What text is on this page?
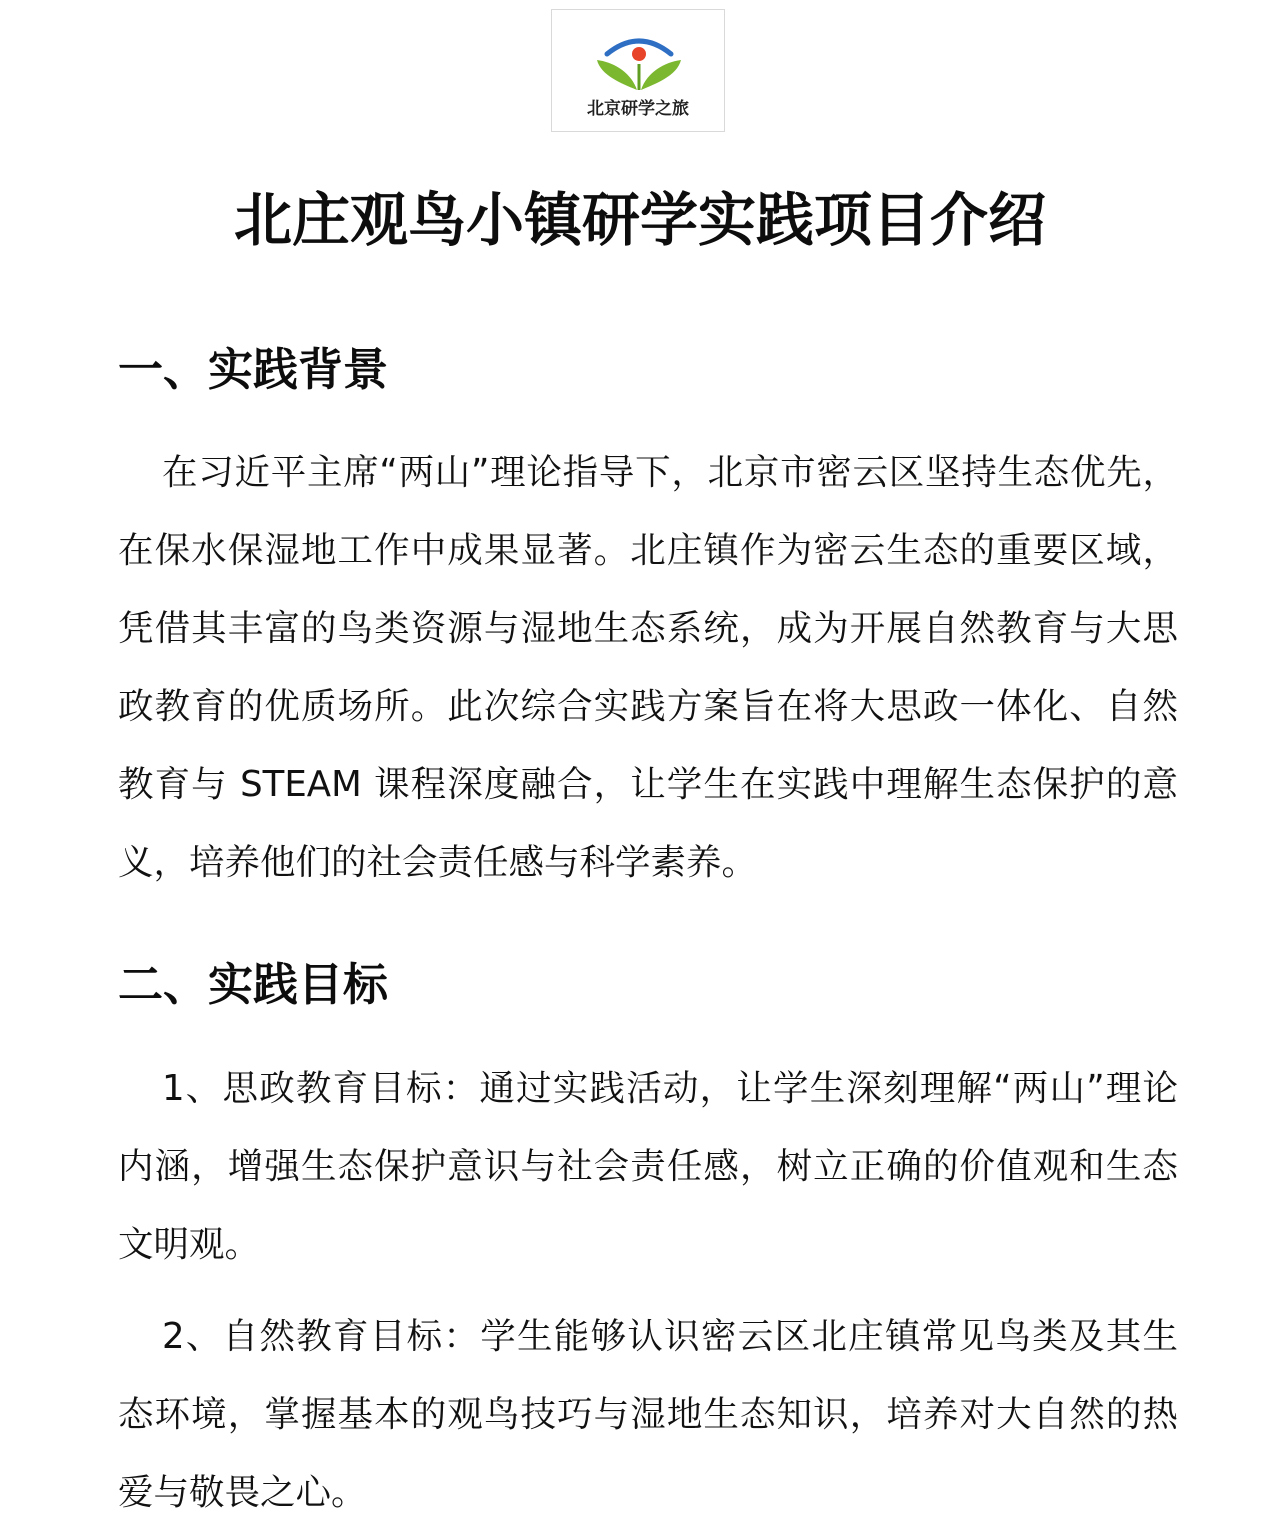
北京研学之旅
北庄观鸟小镇研学实践项目介绍
一、实践背景

在习近平主席“两山”理论指导下，北京市密云区坚持生态优先，在保水保湿地工作中成果显著。北庄镇作为密云生态的重要区域，凭借其丰富的鸟类资源与湿地生态系统，成为开展自然教育与大思政教育的优质场所。此次综合实践方案旨在将大思政一体化、自然教育与 STEAM 课程深度融合，让学生在实践中理解生态保护的意义，培养他们的社会责任感与科学素养。

二、实践目标

1、思政教育目标：通过实践活动，让学生深刻理解“两山”理论内涵，增强生态保护意识与社会责任感，树立正确的价值观和生态文明观。

2、自然教育目标：学生能够认识密云区北庄镇常见鸟类及其生态环境，掌握基本的观鸟技巧与湿地生态知识，培养对大自然的热爱与敬畏之心。
